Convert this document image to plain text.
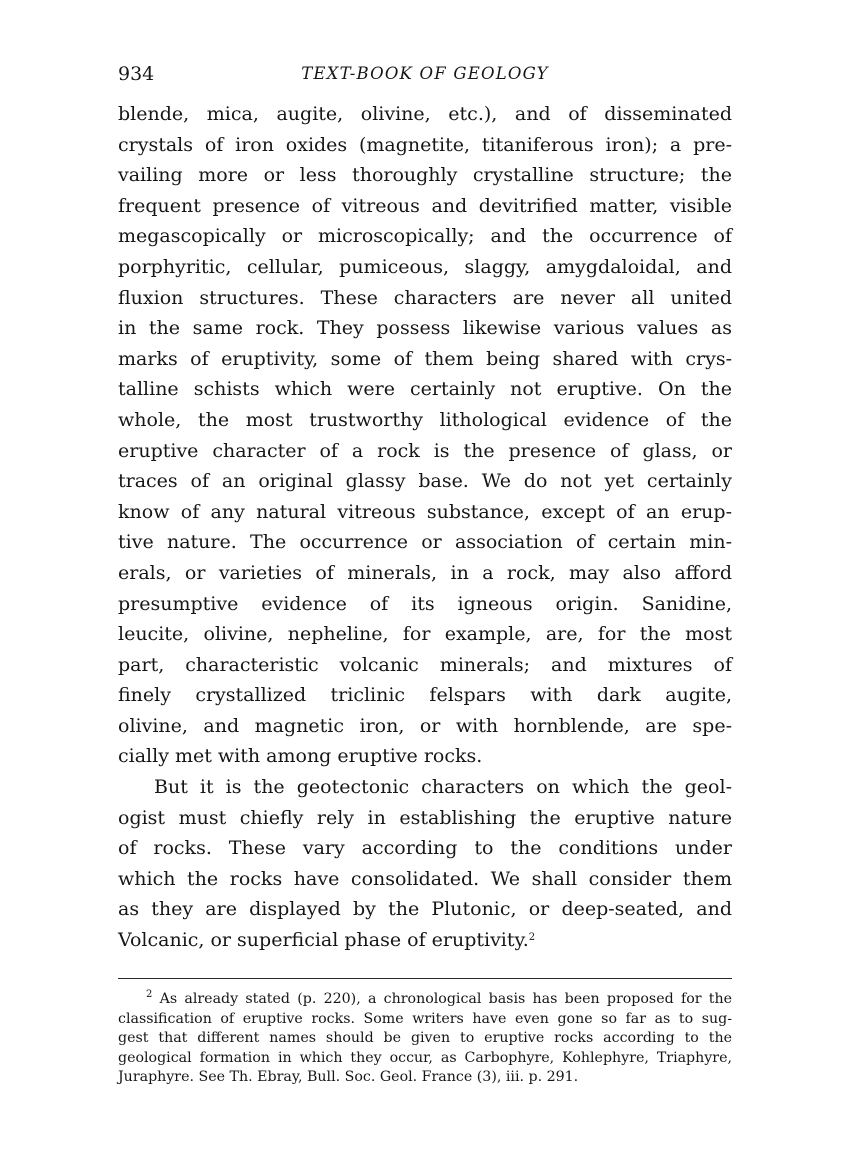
934	TEXT-BOOK OF GEOLOGY
blende, mica, augite, olivine, etc.), and of disseminated
crystals of iron oxides (magnetite, titaniferous iron); a pre-
vailing more or less thoroughly crystalline structure; the
frequent presence of vitreous and devitrified matter, visible
megascopically or microscopically; and the occurrence of
porphyritic, cellular, pumiceous, slaggy, amygdaloidal, and
fluxion structures. These characters are never all united
in the same rock. They possess likewise various values as
marks of eruptivity, some of them being shared with crys-
talline schists which were certainly not eruptive. On the
whole, the most trustworthy lithological evidence of the
eruptive character of a rock is the presence of glass, or
traces of an original glassy base. We do not yet certainly
know of any natural vitreous substance, except of an erup-
tive nature. The occurrence or association of certain min-
erals, or varieties of minerals, in a rock, may also afford
presumptive evidence of its igneous origin. Sanidine,
leucite, olivine, nepheline, for example, are, for the most
part, characteristic volcanic minerals; and mixtures of
finely crystallized triclinic felspars with dark augite,
olivine, and magnetic iron, or with hornblende, are spe-
cially met with among eruptive rocks.
But it is the geotectonic characters on which the geol-
ogist must chiefly rely in establishing the eruptive nature
of rocks. These vary according to the conditions under
which the rocks have consolidated. We shall consider them
as they are displayed by the Plutonic, or deep-seated, and
Volcanic, or superficial phase of eruptivity.$^2$
$^2$ As already stated (p. 220), a chronological basis has been proposed for the
classification of eruptive rocks. Some writers have even gone so far as to sug-
gest that different names should be given to eruptive rocks according to the
geological formation in which they occur, as Carbophyre, Kohlephyre, Triaphyre,
Juraphyre. See Th. Ebray, Bull. Soc. Geol. France (3), iii. p. 291.
